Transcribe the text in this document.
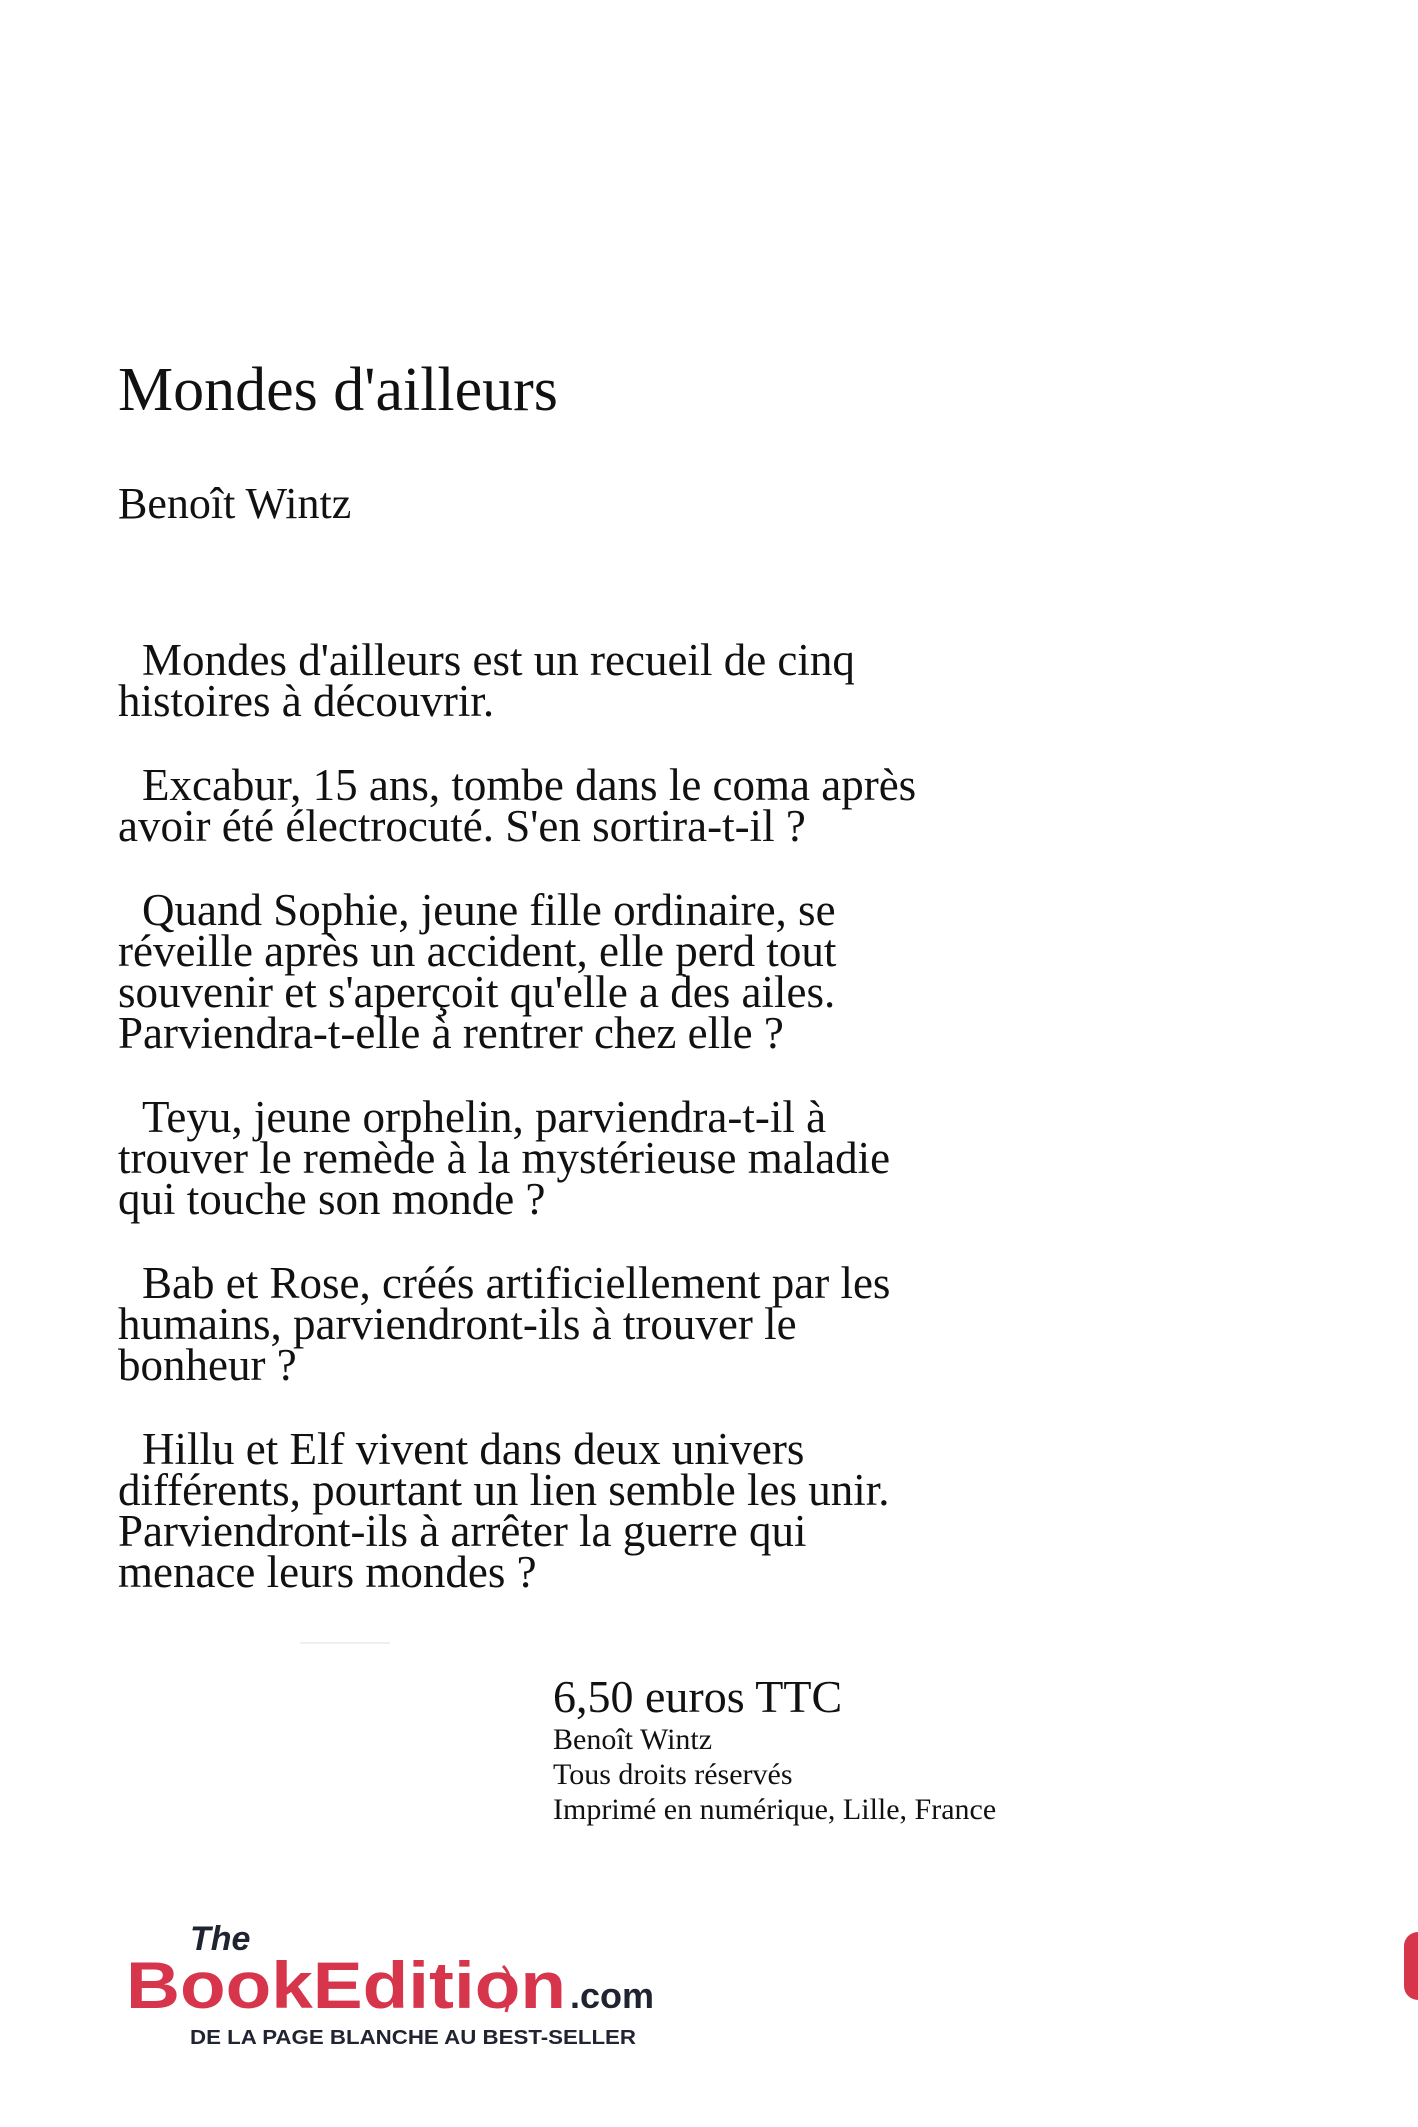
Mondes d'ailleurs
Benoît Wintz

Mondes d'ailleurs est un recueil de cinq
histoires à découvrir.

Excabur, 15 ans, tombe dans le coma après
avoir été électrocuté. S'en sortira-t-il ?

Quand Sophie, jeune fille ordinaire, se
réveille après un accident, elle perd tout
souvenir et s'aperçoit qu'elle a des ailes.
Parviendra-t-elle à rentrer chez elle ?

Teyu, jeune orphelin, parviendra-t-il à
trouver le remède à la mystérieuse maladie
qui touche son monde ?

Bab et Rose, créés artificiellement par les
humains, parviendront-ils à trouver le
bonheur ?

Hillu et Elf vivent dans deux univers
différents, pourtant un lien semble les unir.
Parviendront-ils à arrêter la guerre qui
menace leurs mondes ?

6,50 euros TTC
Benoît Wintz
Tous droits réservés
Imprimé en numérique, Lille, France
The
BookEdition .com
DE LA PAGE BLANCHE AU BEST-SELLER
